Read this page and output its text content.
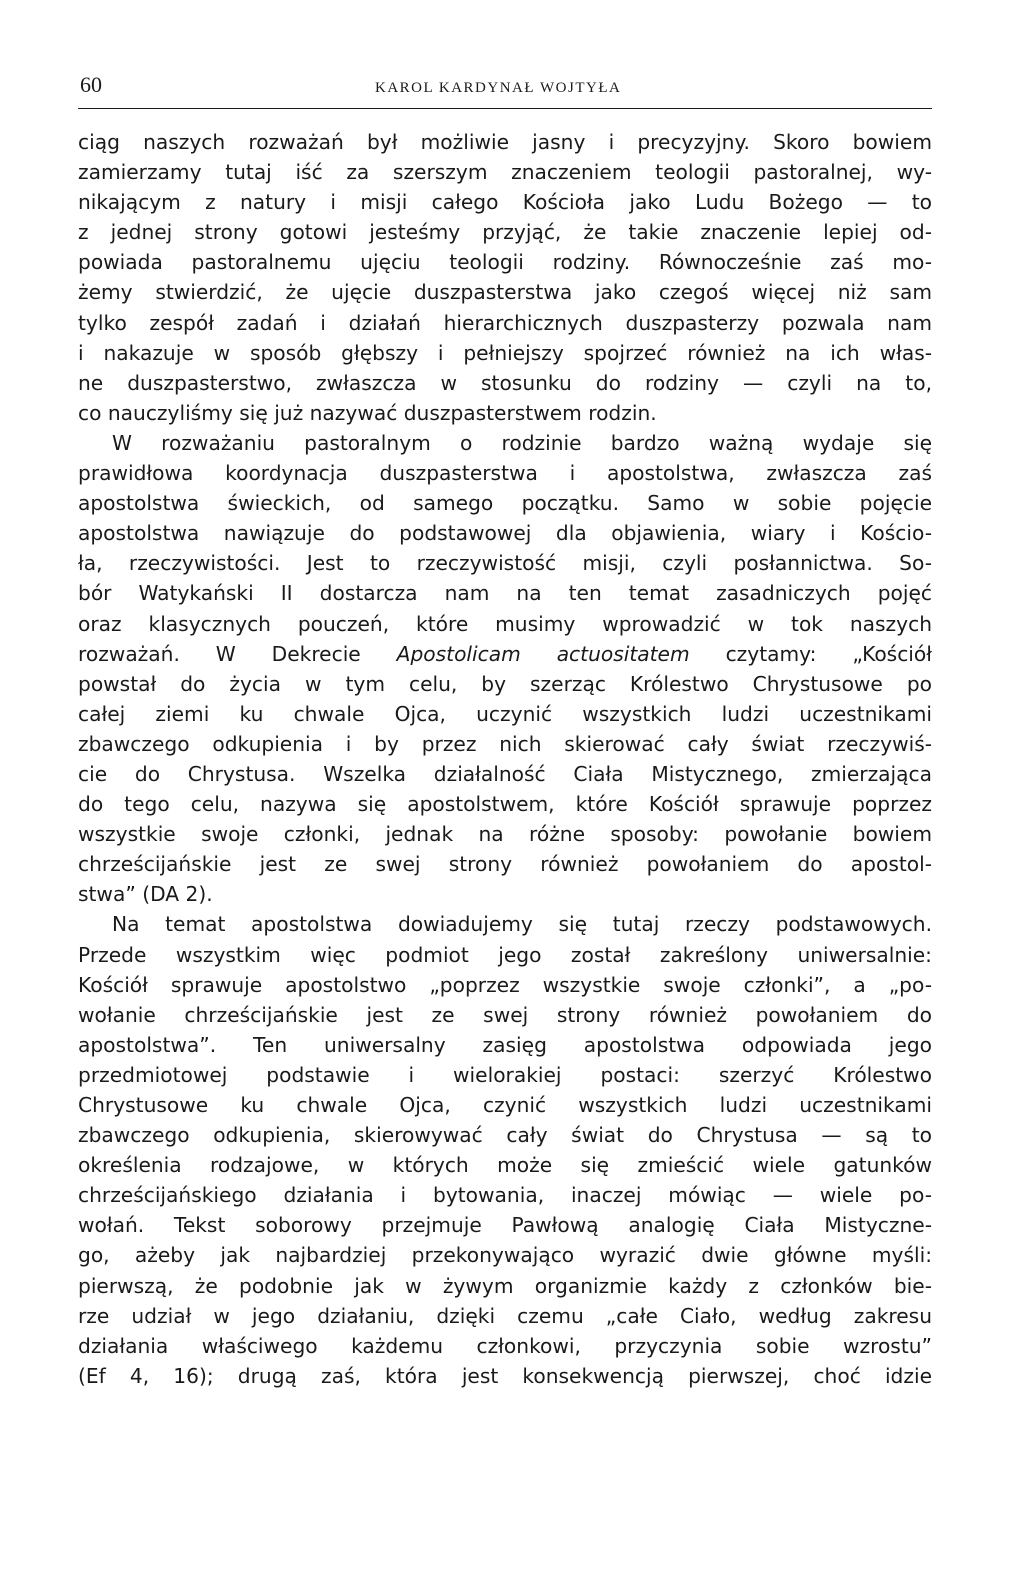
60	KAROL KARDYNAŁ WOJTYŁA

ciąg naszych rozważań był możliwie jasny i precyzyjny. Skoro bowiem
zamierzamy tutaj iść za szerszym znaczeniem teologii pastoralnej, wy-
nikającym z natury i misji całego Kościoła jako Ludu Bożego — to
z jednej strony gotowi jesteśmy przyjąć, że takie znaczenie lepiej od-
powiada pastoralnemu ujęciu teologii rodziny. Równocześnie zaś mo-
żemy stwierdzić, że ujęcie duszpasterstwa jako czegoś więcej niż sam
tylko zespół zadań i działań hierarchicznych duszpasterzy pozwala nam
i nakazuje w sposób głębszy i pełniejszy spojrzeć również na ich włas-
ne duszpasterstwo, zwłaszcza w stosunku do rodziny — czyli na to,
co nauczyliśmy się już nazywać duszpasterstwem rodzin.

W rozważaniu pastoralnym o rodzinie bardzo ważną wydaje się
prawidłowa koordynacja duszpasterstwa i apostolstwa, zwłaszcza zaś
apostolstwa świeckich, od samego początku. Samo w sobie pojęcie
apostolstwa nawiązuje do podstawowej dla objawienia, wiary i Kościo-
ła, rzeczywistości. Jest to rzeczywistość misji, czyli posłannictwa. So-
bór Watykański II dostarcza nam na ten temat zasadniczych pojęć
oraz klasycznych pouczeń, które musimy wprowadzić w tok naszych
rozważań. W Dekrecie Apostolicam actuositatem czytamy: „Kościół
powstał do życia w tym celu, by szerząc Królestwo Chrystusowe po
całej ziemi ku chwale Ojca, uczynić wszystkich ludzi uczestnikami
zbawczego odkupienia i by przez nich skierować cały świat rzeczywiś-
cie do Chrystusa. Wszelka działalność Ciała Mistycznego, zmierzająca
do tego celu, nazywa się apostolstwem, które Kościół sprawuje poprzez
wszystkie swoje członki, jednak na różne sposoby: powołanie bowiem
chrześcijańskie jest ze swej strony również powołaniem do apostol-
stwa” (DA 2).

Na temat apostolstwa dowiadujemy się tutaj rzeczy podstawowych.
Przede wszystkim więc podmiot jego został zakreślony uniwersalnie:
Kościół sprawuje apostolstwo „poprzez wszystkie swoje członki”, a „po-
wołanie chrześcijańskie jest ze swej strony również powołaniem do
apostolstwa”. Ten uniwersalny zasięg apostolstwa odpowiada jego
przedmiotowej podstawie i wielorakiej postaci: szerzyć Królestwo
Chrystusowe ku chwale Ojca, czynić wszystkich ludzi uczestnikami
zbawczego odkupienia, skierowywać cały świat do Chrystusa — są to
określenia rodzajowe, w których może się zmieścić wiele gatunków
chrześcijańskiego działania i bytowania, inaczej mówiąc — wiele po-
wołań. Tekst soborowy przejmuje Pawłową analogię Ciała Mistyczne-
go, ażeby jak najbardziej przekonywająco wyrazić dwie główne myśli:
pierwszą, że podobnie jak w żywym organizmie każdy z członków bie-
rze udział w jego działaniu, dzięki czemu „całe Ciało, według zakresu
działania właściwego każdemu członkowi, przyczynia sobie wzrostu”
(Ef 4, 16); drugą zaś, która jest konsekwencją pierwszej, choć idzie
